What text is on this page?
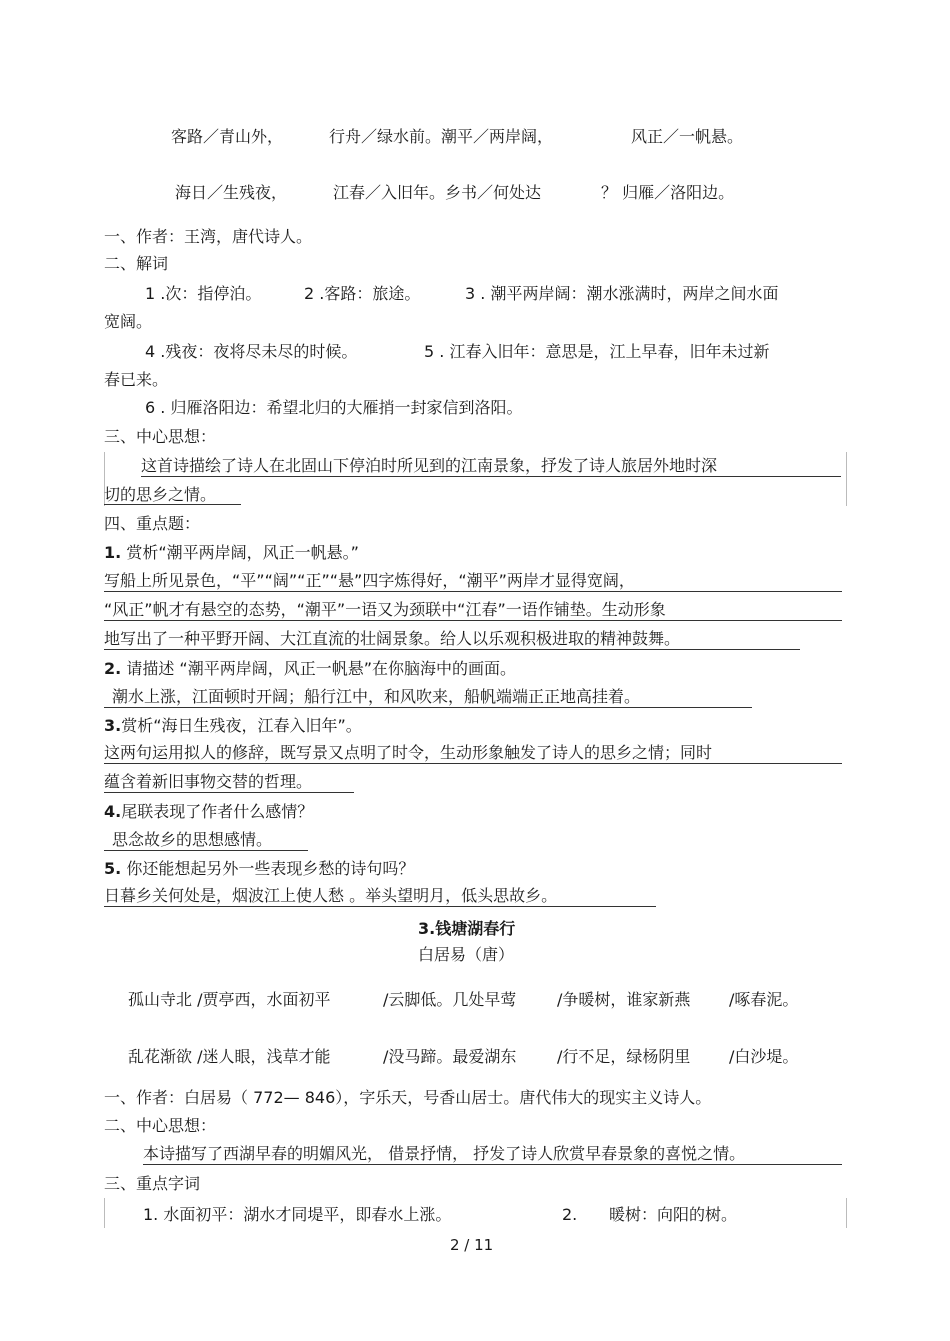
客路／青山外，	行舟／绿水前。潮平／两岸阔，	风正／一帆悬。
海日／生残夜，	江春／入旧年。乡书／何处达	？ 归雁／洛阳边。
一、作者：王湾，唐代诗人。
二、解词
1 .次：指停泊。	2 .客路：旅途。	3 . 潮平两岸阔：潮水涨满时，两岸之间水面
宽阔。
4 .残夜：夜将尽未尽的时候。	5 . 江春入旧年：意思是，江上早春，旧年未过新
春已来。
6 . 归雁洛阳边：希望北归的大雁捎一封家信到洛阳。
三、中心思想：
这首诗描绘了诗人在北固山下停泊时所见到的江南景象，抒发了诗人旅居外地时深
切的思乡之情。
四、重点题：
1. 赏析“潮平两岸阔，风正一帆悬。”
写船上所见景色，“平”“阔”“正”“悬”四字炼得好，“潮平”两岸才显得宽阔，
“风正”帆才有悬空的态势，“潮平”一语又为颈联中“江春”一语作铺垫。生动形象
地写出了一种平野开阔、大江直流的壮阔景象。给人以乐观积极进取的精神鼓舞。
2. 请描述 “潮平两岸阔，风正一帆悬”在你脑海中的画面。
潮水上涨，江面顿时开阔；船行江中，和风吹来，船帆端端正正地高挂着。
3.赏析“海日生残夜，江春入旧年”。
这两句运用拟人的修辞，既写景又点明了时令，生动形象触发了诗人的思乡之情；同时
蕴含着新旧事物交替的哲理。
4.尾联表现了作者什么感情？
思念故乡的思想感情。
5. 你还能想起另外一些表现乡愁的诗句吗？
日暮乡关何处是，烟波江上使人愁 。举头望明月，低头思故乡。
3.钱塘湖春行
白居易（唐）
孤山寺北 /贾亭西，水面初平	/云脚低。几处早莺	/争暖树，谁家新燕 /啄春泥。
乱花渐欲 /迷人眼，浅草才能	/没马蹄。最爱湖东	/行不足，绿杨阴里 /白沙堤。
一、作者：白居易（ 772— 846），字乐天，号香山居士。唐代伟大的现实主义诗人。
二、中心思想：
本诗描写了西湖早春的明媚风光， 借景抒情， 抒发了诗人欣赏早春景象的喜悦之情。
三、重点字词
1. 水面初平：湖水才同堤平，即春水上涨。	2. 暖树：向阳的树。
2 / 11
